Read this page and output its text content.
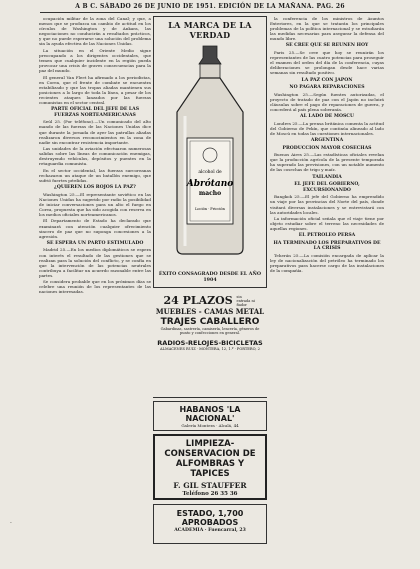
A B C. SÁBADO 26 DE JUNIO DE 1951. EDICIÓN DE LA MAÑANA. PAG. 26

ocupación militar de la zona del Canal; y que, a menos que se produzca un cambio de actitud en los círculos de Washington y de Ankara, las negociaciones no conducirán a resultados prácticos, y que no puede esperarse una solución del problema sin la ayuda efectiva de las Naciones Unidas.

La situación en el Oriente Medio sigue preocupando a los dirigentes occidentales, que temen que cualquier incidente en la región pueda provocar una crisis de graves consecuencias para la paz del mundo.

El general Van Fleet ha afirmado a los periodistas, en Corea, que el frente de combate se encuentra estabilizado y que las tropas aliadas mantienen sus posiciones a lo largo de toda la línea, a pesar de los recientes ataques lanzados por las fuerzas comunistas en el sector central.

PARTE OFICIAL DEL JEFE DE LAS FUERZAS NORTEAMERICANAS

Seúl 25. (Por teléfono).—Un comunicado del alto mando de las fuerzas de las Naciones Unidas dice que durante la jornada de ayer las patrullas aliadas realizaron diversos reconocimientos en la zona de nadie sin encontrar resistencia importante.

Las unidades de la aviación efectuaron numerosas salidas sobre las líneas de comunicación enemigas, destruyendo vehículos, depósitos y puentes en la retaguardia comunista.

En el sector occidental, las fuerzas surcoreanas rechazaron un ataque de un batallón enemigo, que sufrió fuertes pérdidas.

¿QUIEREN LOS ROJOS LA PAZ?

Washington 25.—El representante soviético en las Naciones Unidas ha sugerido por radio la posibilidad de iniciar conversaciones para un alto el fuego en Corea, propuesta que ha sido acogida con reserva en los medios oficiales norteamericanos.

El Departamento de Estado ha declarado que examinará con atención cualquier ofrecimiento sincero de paz que no suponga concesiones a la agresión.

SE ESPERA UN PARTO ESTIMULADO

Madrid 25.—En los medios diplomáticos se espera con interés el resultado de las gestiones que se realizan para la solución del conflicto, y se confía en que la intervención de las potencias neutrales contribuya a facilitar un acuerdo razonable entre las partes.

Se considera probable que en los próximos días se celebre una reunión de los representantes de las naciones interesadas.

LA MARCA DE LA VERDAD
alcohol de
Abrótano
macho
Loción · Fricción
ÉXITO CONSAGRADO DESDE EL AÑO 1904
24 PLAZOS sin entrada ni fiador
MUEBLES - CAMAS METAL
TRAJES CABALLERO
Gabardinas, sastrería, camisería, lencería, géneros de punto y confecciones en general.
RADIOS-RELOJES-BICICLETAS
ALMACENES RUIZ · MONTERA, 12, 1.º · PORTERO, 2
HABANOS 'LA NACIONAL'
Galería Montera · Alcalá, 44
LIMPIEZA-CONSERVACION DE ALFOMBRAS Y TAPICES
F. GIL STAUFFER
Teléfono 26 35 36
ESTADO, 1,700 APROBADOS
ACADEMIA · Fuencarral, 23

la conferencia de los ministros de Asuntos Exteriores, en la que se tratarán los principales problemas de la política internacional y se estudiarán las medidas necesarias para asegurar la defensa del mundo libre.

SE CREE QUE SE REUNEN HOY

Paris 25.—Se cree que hoy se reunirán los representantes de las cuatro potencias para proseguir el examen del orden del día de la conferencia, cuyas deliberaciones se prolongan desde hace varias semanas sin resultado positivo.

LA PAZ CON JAPON
NO PAGARA REPARACIONES

Washington 25.—Según fuentes autorizadas, el proyecto de tratado de paz con el Japón no incluirá cláusulas sobre el pago de reparaciones de guerra, y concederá al país plena soberanía.

AL LADO DE MOSCU

Londres 25.—La prensa británica comenta la actitud del Gobierno de Pekín, que continúa alineado al lado de Moscú en todas las cuestiones internacionales.

ARGENTINA
PRODUCCION MAYOR COSECHAS

Buenos Aires 25.—Las estadísticas oficiales revelan que la producción agrícola de la presente temporada ha superado las previsiones, con un notable aumento de las cosechas de trigo y maíz.

TAILANDIA
EL JEFE DEL GOBIERNO, EXCURSIONANDO

Bangkok 25.—El jefe del Gobierno ha emprendido un viaje por las provincias del Norte del país, donde visitará diversas instalaciones y se entrevistará con las autoridades locales.

La información oficial señala que el viaje tiene por objeto estudiar sobre el terreno las necesidades de aquellas regiones.

EL PETROLEO PERSA
HA TERMINADO LOS PREPARATIVOS DE LA CRISIS

Teherán 25.—La comisión encargada de aplicar la ley de nacionalización del petróleo ha terminado los preparativos para hacerse cargo de las instalaciones de la compañía.

·
